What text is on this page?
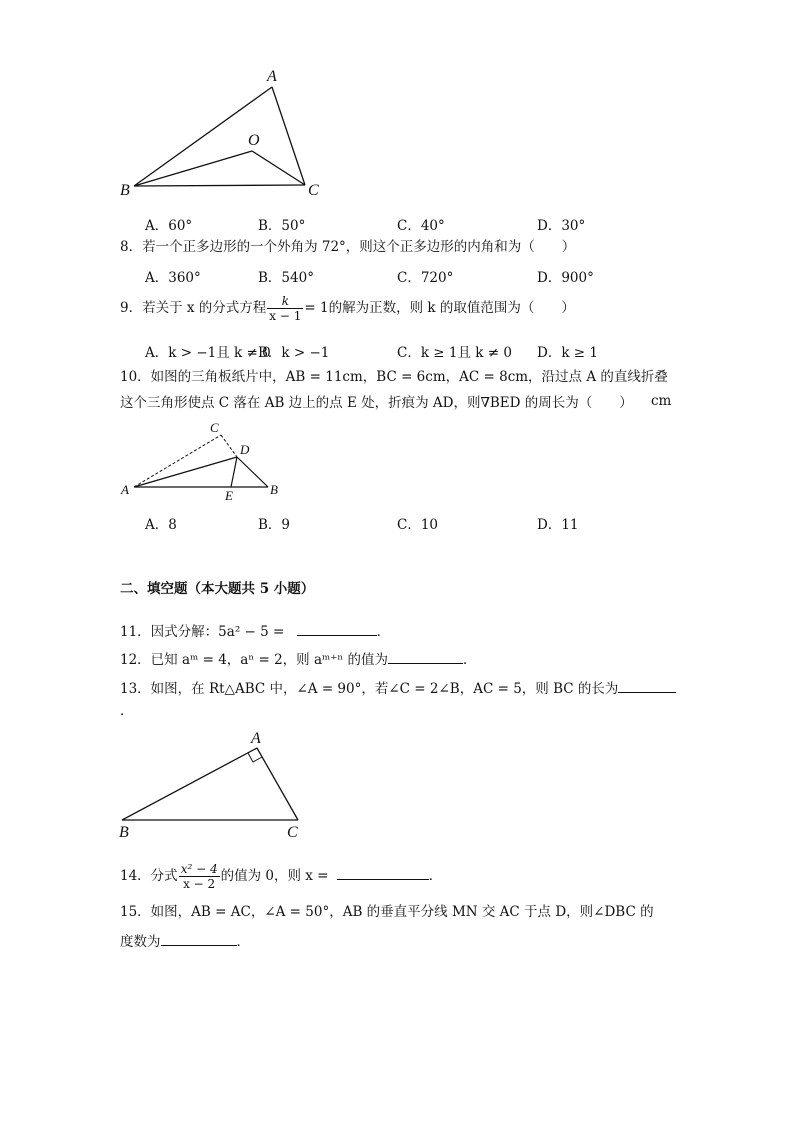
A
O
B	C
A．60°	B．50°	C．40°	D．30°
8．若一个正多边形的一个外角为 72°，则这个正多边形的内角和为（　　）
A．360°	B．540°	C．720°	D．900°
9．若关于 x 的分式方程 $\frac{k}{x - 1} = 1$的解为正数，则 k 的取值范围为（　　）
A．k > −1且 k ≠ 0
B．k > −1	C．k ≥ 1且 k ≠ 0 D．k ≥ 1
10．如图的三角板纸片中，AB = 11cm，BC = 6cm，AC = 8cm，沿过点 A 的直线折叠
这个三角形使点 C 落在 AB 边上的点 E 处，折痕为 AD，则∇BED 的周长为（　　） cm
C
D
A	E	B
A．8	B．9	C．10	D．11
二、填空题（本大题共 5 小题）
11．因式分解：5a² − 5 =	．
12．已知 aᵐ = 4，aⁿ = 2，则 aᵐ⁺ⁿ 的值为	．
13．如图，在 Rt△ABC 中，∠A = 90°，若∠C = 2∠B，AC = 5，则 BC 的长为
．
A
B	C
14．分式 $\frac{\text{x² − 4}}{x - 2}$ 的值为 0，则 x =	．
15．如图，AB = AC，∠A = 50°，AB 的垂直平分线 MN 交 AC 于点 D，则∠DBC 的
度数为	．
